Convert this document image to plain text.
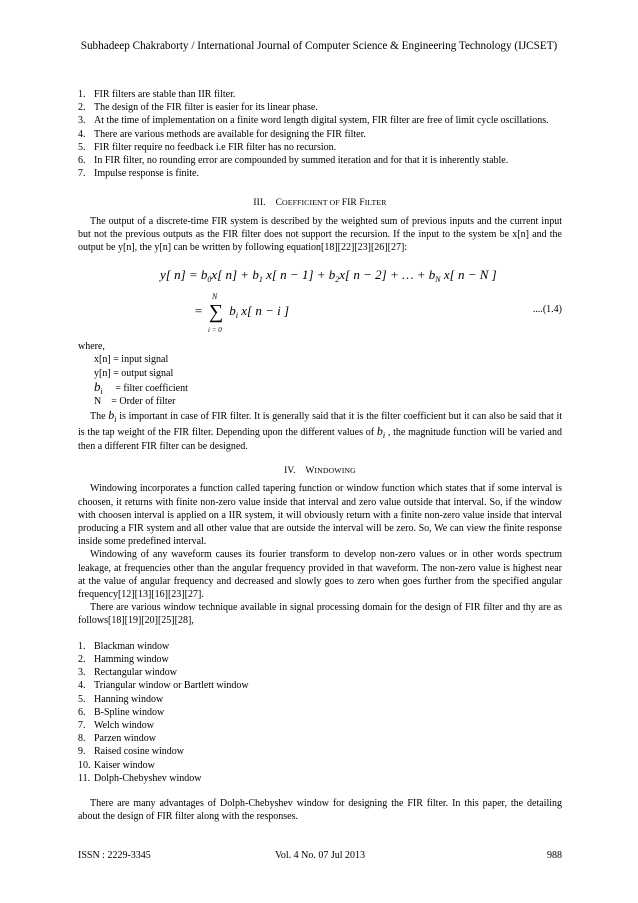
Subhadeep Chakraborty / International Journal of Computer Science & Engineering Technology (IJCSET)
1. FIR filters are stable than IIR filter.
2. The design of the FIR filter is easier for its linear phase.
3. At the time of implementation on a finite word length digital system, FIR filter are free of limit cycle oscillations.
4. There are various methods are available for designing the FIR filter.
5. FIR filter require no feedback i.e FIR filter has no recursion.
6. In FIR filter, no rounding error are compounded by summed iteration and for that it is inherently stable.
7. Impulse response is finite.
III. COEFFICIENT OF FIR FILTER

The output of a discrete-time FIR system is described by the weighted sum of previous inputs and the current input but not the previous outputs as the FIR filter does not support the recursion. If the input to the system be x[n] and the output be y[n], the y[n] can be written by following equation[18][22][23][26][27]:

y[ $n] = b_0x$[ $n] + b_1$ x[ $n - 1] + b_2x$[ n − 2] + … + $b_N$ x[ n − N ]
=
N
∑
i = 0
$b_i$ x[ n − i ]	....(1.4)

where,

x[n] = input signal
y[n] = output signal
$b_i$ = filter coefficient
N = Order of filter

The $b_i$ is important in case of FIR filter. It is generally said that it is the filter coefficient but it can also be said that it is the tap weight of the FIR filter. Depending upon the different values of $b_i$ , the magnitude function will be varied and then a different FIR filter can be designed.

IV. WINDOWING

Windowing incorporates a function called tapering function or window function which states that if some interval is choosen, it returns with finite non-zero value inside that interval and zero value outside that interval. So, if the window with choosen interval is applied on a IIR system, it will obviously return with a finite non-zero value inside that interval producing a FIR system and all other value that are outside the interval will be zero. So, We can view the finite response inside some predefined interval.

Windowing of any waveform causes its fourier transform to develop non-zero values or in other words spectrum leakage, at frequencies other than the angular frequency provided in that waveform. The non-zero value is highest near at the value of angular frequency and decreased and slowly goes to zero when goes further from the specified angular frequency[12][13][16][23][27].

There are various window technique available in signal processing domain for the design of FIR filter and thy are as follows[18][19][20][25][28],

1. Blackman window
2. Hamming window
3. Rectangular window
4. Triangular window or Bartlett window
5. Hanning window
6. B-Spline window
7. Welch window
8. Parzen window
9. Raised cosine window
10. Kaiser window
11. Dolph-Chebyshev window

There are many advantages of Dolph-Chebyshev window for designing the FIR filter. In this paper, the detailing about the design of FIR filter along with the responses.

ISSN : 2229-3345	Vol. 4 No. 07 Jul 2013	988
